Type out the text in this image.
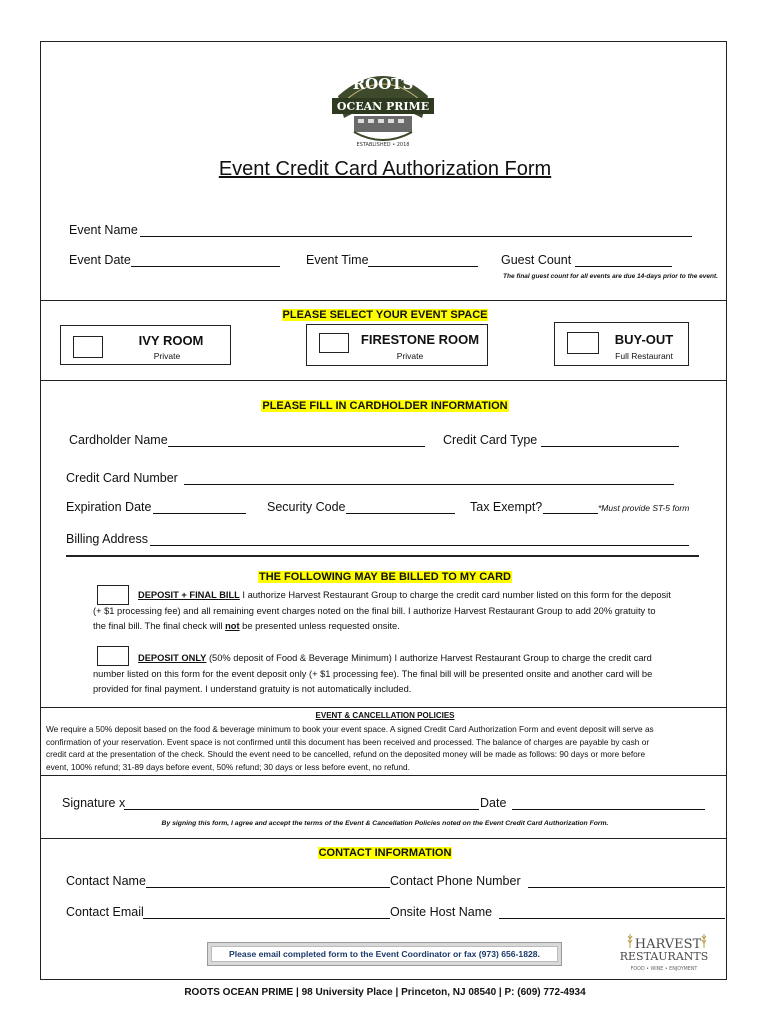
ROOTS
OCEAN PRIME
ESTABLISHED • 2018
Event Credit Card Authorization Form
Event Name
Event Date	Event Time	Guest Count
The final guest count for all events are due 14-days prior to the event.
PLEASE SELECT YOUR EVENT SPACE
IVY ROOM
Private
FIRESTONE ROOM
Private
BUY-OUT
Full Restaurant
PLEASE FILL IN CARDHOLDER INFORMATION
Cardholder Name	Credit Card Type
Credit Card Number
Expiration Date	Security Code	Tax Exempt?	*Must provide ST-5 form
Billing Address
THE FOLLOWING MAY BE BILLED TO MY CARD
DEPOSIT + FINAL BILL I authorize Harvest Restaurant Group to charge the credit card number listed on this form for the deposit
(+ $1 processing fee) and all remaining event charges noted on the final bill. I authorize Harvest Restaurant Group to add 20% gratuity to
the final bill. The final check will not be presented unless requested onsite.
DEPOSIT ONLY (50% deposit of Food & Beverage Minimum) I authorize Harvest Restaurant Group to charge the credit card
number listed on this form for the event deposit only (+ $1 processing fee). The final bill will be presented onsite and another card will be
provided for final payment. I understand gratuity is not automatically included.
EVENT & CANCELLATION POLICIES
We require a 50% deposit based on the food & beverage minimum to book your event space. A signed Credit Card Authorization Form and event deposit will serve as
confirmation of your reservation. Event space is not confirmed until this document has been received and processed. The balance of charges are payable by cash or
credit card at the presentation of the check. Should the event need to be cancelled, refund on the deposited money will be made as follows: 90 days or more before
event, 100% refund; 31-89 days before event, 50% refund; 30 days or less before event, no refund.
Signature x	Date
By signing this form, I agree and accept the terms of the Event & Cancellation Policies noted on the Event Credit Card Authorization Form.
CONTACT INFORMATION
Contact Name	Contact Phone Number
Contact Email	Onsite Host Name
Please email completed form to the Event Coordinator or fax (973) 656-1828.
HARVEST
RESTAURANTS
FOOD • WINE • ENJOYMENT
ROOTS OCEAN PRIME | 98 University Place | Princeton, NJ 08540 | P: (609) 772-4934
